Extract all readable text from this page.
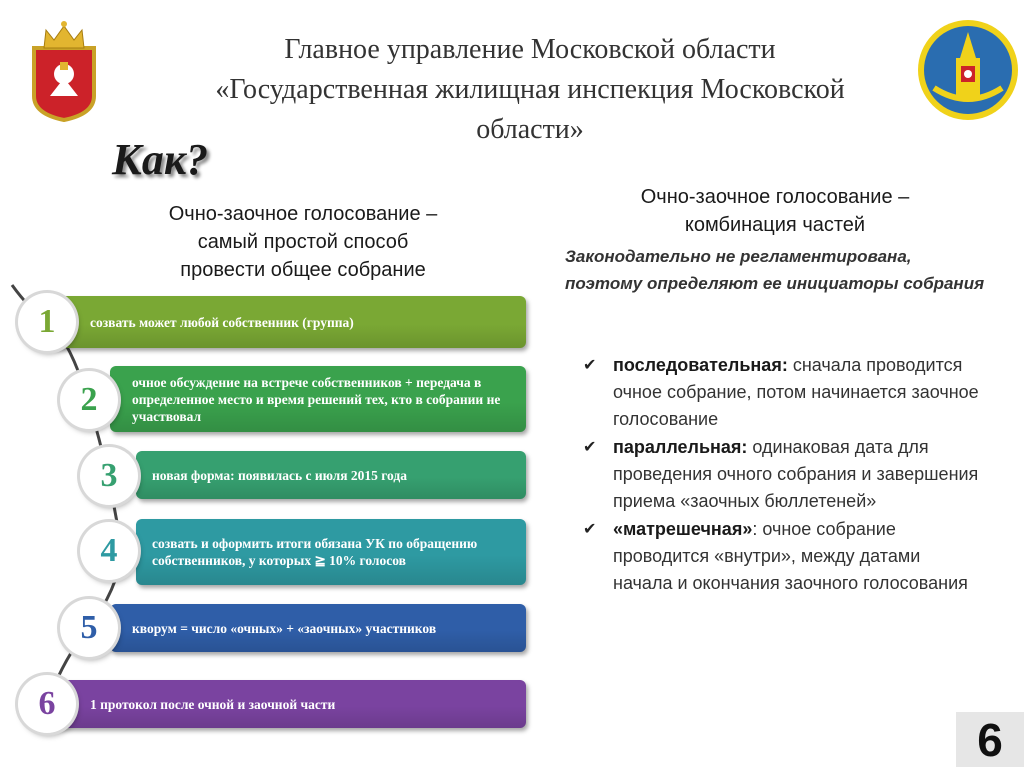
Главное управление Московской области
«Государственная жилищная инспекция Московской
области»
Как?
Очно-заочное голосование –
самый простой способ
провести общее собрание
созвать может любой собственник (группа)
1
очное обсуждение на встрече собственников + передача в определенное место и время решений тех, кто в собрании не участвовал
2
новая форма: появилась с июля 2015 года
3
созвать и оформить итоги обязана УК по обращению собственников, у которых ≧ 10% голосов
4
кворум = число «очных» + «заочных» участников
5
1 протокол после очной и заочной части
6
Очно-заочное голосование –
комбинация частей
Законодательно не регламентирована, поэтому определяют ее инициаторы собрания
✔ последовательная: сначала проводится очное собрание, потом начинается заочное голосование
✔ параллельная: одинаковая дата для проведения очного собрания и завершения приема «заочных бюллетеней»
✔ «матрешечная»: очное собрание проводится «внутри», между датами начала и окончания заочного голосования
6
